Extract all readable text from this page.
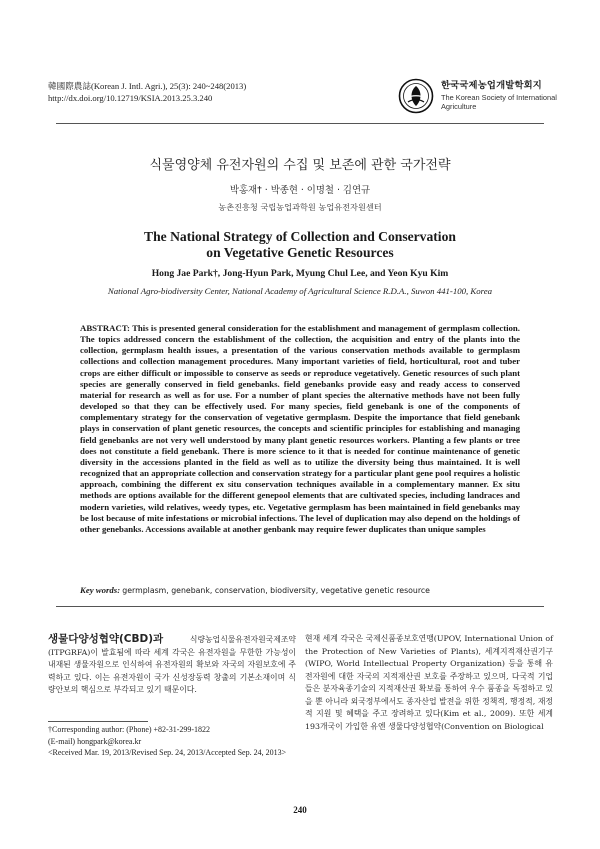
韓國際農誌(Korean J. Intl. Agri.), 25(3): 240~248(2013)
http://dx.doi.org/10.12719/KSIA.2013.25.3.240
한국국제농업개발학회지
The Korean Society of International
Agriculture
식물영양체 유전자원의 수집 및 보존에 관한 국가전략
박홍재† · 박종현 · 이명철 · 김연규
농촌진흥청 국립농업과학원 농업유전자원센터
The National Strategy of Collection and Conservation
on Vegetative Genetic Resources
Hong Jae Park†, Jong-Hyun Park, Myung Chul Lee, and Yeon Kyu Kim
National Agro-biodiversity Center, National Academy of Agricultural Science R.D.A., Suwon 441-100, Korea
ABSTRACT: This is presented general consideration for the establishment and management of germplasm collection. The topics addressed concern the establishment of the collection, the acquisition and entry of the plants into the collection, germplasm health issues, a presentation of the various conservation methods available to germplasm collections and collection management procedures. Many important varieties of field, horticultural, root and tuber crops are either difficult or impossible to conserve as seeds or reproduce vegetatively. Genetic resources of such plant species are generally conserved in field genebanks. field genebanks provide easy and ready access to conserved material for research as well as for use. For a number of plant species the alternative methods have not been fully developed so that they can be effectively used. For many species, field genebank is one of the components of complementary strategy for the conservation of vegetative germplasm. Despite the importance that field genebank plays in conservation of plant genetic resources, the concepts and scientific principles for establishing and managing field genebanks are not very well understood by many plant genetic resources workers. Planting a few plants or tree does not constitute a field genebank. There is more science to it that is needed for continue maintenance of genetic diversity in the accessions planted in the field as well as to utilize the diversity being thus maintained. It is well recognized that an appropriate collection and conservation strategy for a particular plant gene pool requires a holistic approach, combining the different ex situ conservation techniques available in a complementary manner. Ex situ methods are options available for the different genepool elements that are cultivated species, including landraces and modern varieties, wild relatives, weedy types, etc. Vegetative germplasm has been maintained in field genebanks may be lost because of mite infestations or microbial infections. The level of duplication may also depend on the holdings of other genebanks. Accessions available at another genbank may require fewer duplicates than unique samples
Key words: germplasm, genebank, conservation, biodiversity, vegetative genetic resource
생물다양성협약(CBD)과	식량농업식물유전자원국제조약(ITPGRFA)이 발효됨에 따라 세계 각국은 유전자원을 무한한 가능성이 내재된 생물자원으로 인식하여 유전자원의 확보와 자국의 자원보호에 주력하고 있다. 이는 유전자원이 국가 신성장동력 창출의 기본소재이며 식량안보의 핵심으로 부각되고 있기 때문이다.
현재 세계 각국은 국제신품종보호연맹(UPOV, International Union of the Protection of New Varieties of Plants), 세계지적재산권기구(WIPO, World Intellectual Property Organization) 등을 통해 유전자원에 대한 자국의 지적재산권 보호를 주장하고 있으며, 다국적 기업들은 분자육종기술의 지적재산권 확보를 통하여 우수 품종을 독점하고 있을 뿐 아니라 외국정부에서도 종자산업 발전을 위한 정책적, 행정적, 재정적 지원 및 혜택을 주고 장려하고 있다(Kim et al., 2009). 또한 세계 193개국이 가입한 유엔 생물다양성협약(Convention on Biological
†Corresponding author: (Phone) +82-31-299-1822
(E-mail) hongpark@korea.kr
<Received Mar. 19, 2013/Revised Sep. 24, 2013/Accepted Sep. 24, 2013>
240
